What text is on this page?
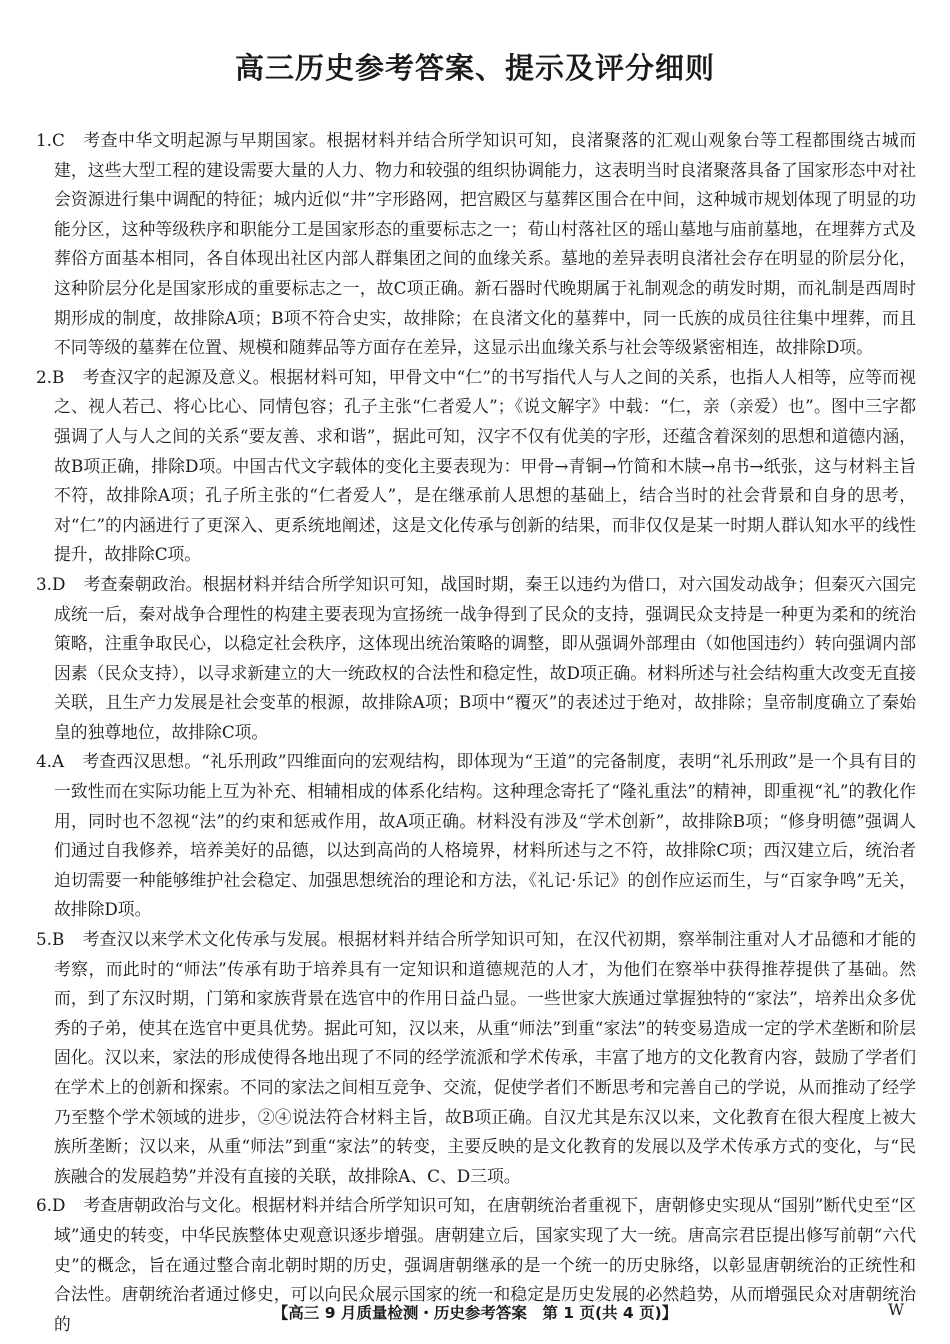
高三历史参考答案、提示及评分细则

1.C 考查中华文明起源与早期国家。根据材料并结合所学知识可知，良渚聚落的汇观山观象台等工程都围绕古城而建，这些大型工程的建设需要大量的人力、物力和较强的组织协调能力，这表明当时良渚聚落具备了国家形态中对社会资源进行集中调配的特征；城内近似“井”字形路网，把宫殿区与墓葬区围合在中间，这种城市规划体现了明显的功能分区，这种等级秩序和职能分工是国家形态的重要标志之一；荀山村落社区的瑶山墓地与庙前墓地，在埋葬方式及葬俗方面基本相同，各自体现出社区内部人群集团之间的血缘关系。墓地的差异表明良渚社会存在明显的阶层分化，这种阶层分化是国家形成的重要标志之一，故C项正确。新石器时代晚期属于礼制观念的萌发时期，而礼制是西周时期形成的制度，故排除A项；B项不符合史实，故排除；在良渚文化的墓葬中，同一氏族的成员往往集中埋葬，而且不同等级的墓葬在位置、规模和随葬品等方面存在差异，这显示出血缘关系与社会等级紧密相连，故排除D项。

2.B 考查汉字的起源及意义。根据材料可知，甲骨文中“仁”的书写指代人与人之间的关系，也指人人相等，应等而视之、视人若己、将心比心、同情包容；孔子主张“仁者爱人”；《说文解字》中载：“仁，亲（亲爱）也”。图中三字都强调了人与人之间的关系“要友善、求和谐”，据此可知，汉字不仅有优美的字形，还蕴含着深刻的思想和道德内涵，故B项正确，排除D项。中国古代文字载体的变化主要表现为：甲骨→青铜→竹简和木牍→帛书→纸张，这与材料主旨不符，故排除A项；孔子所主张的“仁者爱人”，是在继承前人思想的基础上，结合当时的社会背景和自身的思考，对“仁”的内涵进行了更深入、更系统地阐述，这是文化传承与创新的结果，而非仅仅是某一时期人群认知水平的线性提升，故排除C项。

3.D 考查秦朝政治。根据材料并结合所学知识可知，战国时期，秦王以违约为借口，对六国发动战争；但秦灭六国完成统一后，秦对战争合理性的构建主要表现为宣扬统一战争得到了民众的支持，强调民众支持是一种更为柔和的统治策略，注重争取民心，以稳定社会秩序，这体现出统治策略的调整，即从强调外部理由（如他国违约）转向强调内部因素（民众支持），以寻求新建立的大一统政权的合法性和稳定性，故D项正确。材料所述与社会结构重大改变无直接关联，且生产力发展是社会变革的根源，故排除A项；B项中“覆灭”的表述过于绝对，故排除；皇帝制度确立了秦始皇的独尊地位，故排除C项。

4.A 考查西汉思想。“礼乐刑政”四维面向的宏观结构，即体现为“王道”的完备制度，表明“礼乐刑政”是一个具有目的一致性而在实际功能上互为补充、相辅相成的体系化结构。这种理念寄托了“隆礼重法”的精神，即重视“礼”的教化作用，同时也不忽视“法”的约束和惩戒作用，故A项正确。材料没有涉及“学术创新”，故排除B项；“修身明德”强调人们通过自我修养，培养美好的品德，以达到高尚的人格境界，材料所述与之不符，故排除C项；西汉建立后，统治者迫切需要一种能够维护社会稳定、加强思想统治的理论和方法，《礼记·乐记》的创作应运而生，与“百家争鸣”无关，故排除D项。

5.B 考查汉以来学术文化传承与发展。根据材料并结合所学知识可知，在汉代初期，察举制注重对人才品德和才能的考察，而此时的“师法”传承有助于培养具有一定知识和道德规范的人才，为他们在察举中获得推荐提供了基础。然而，到了东汉时期，门第和家族背景在选官中的作用日益凸显。一些世家大族通过掌握独特的“家法”，培养出众多优秀的子弟，使其在选官中更具优势。据此可知，汉以来，从重“师法”到重“家法”的转变易造成一定的学术垄断和阶层固化。汉以来，家法的形成使得各地出现了不同的经学流派和学术传承，丰富了地方的文化教育内容，鼓励了学者们在学术上的创新和探索。不同的家法之间相互竞争、交流，促使学者们不断思考和完善自己的学说，从而推动了经学乃至整个学术领域的进步，②④说法符合材料主旨，故B项正确。自汉尤其是东汉以来，文化教育在很大程度上被大族所垄断；汉以来，从重“师法”到重“家法”的转变，主要反映的是文化教育的发展以及学术传承方式的变化，与“民族融合的发展趋势”并没有直接的关联，故排除A、C、D三项。

6.D 考查唐朝政治与文化。根据材料并结合所学知识可知，在唐朝统治者重视下，唐朝修史实现从“国别”断代史至“区域”通史的转变，中华民族整体史观意识逐步增强。唐朝建立后，国家实现了大一统。唐高宗君臣提出修写前朝“六代史”的概念，旨在通过整合南北朝时期的历史，强调唐朝继承的是一个统一的历史脉络，以彰显唐朝统治的正统性和合法性。唐朝统治者通过修史，可以向民众展示国家的统一和稳定是历史发展的必然趋势，从而增强民众对唐朝统治的

【高三 9 月质量检测・历史参考答案　第 1 页(共 4 页)】	W
